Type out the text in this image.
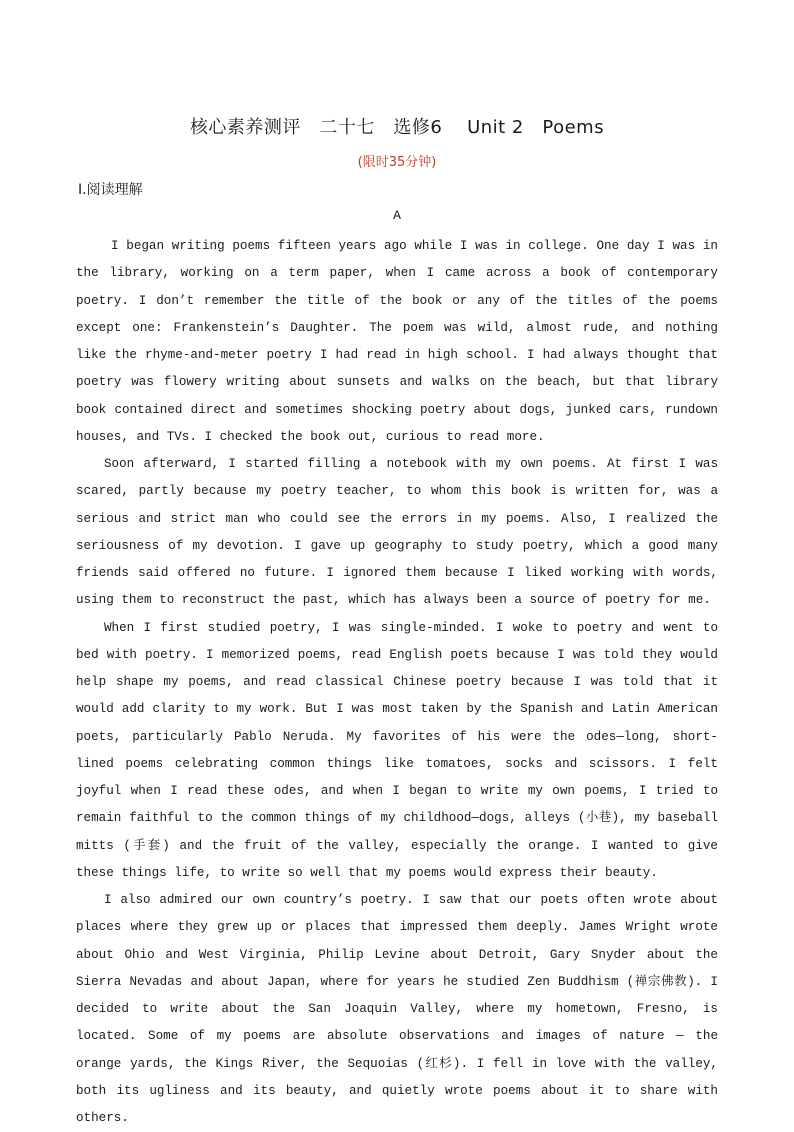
核心素养测评　二十七　选修6　 Unit 2　Poems
(限时35分钟)
Ⅰ.阅读理解
A

I began writing poems fifteen years ago while I was in college. One day I was in the library, working on a term paper, when I came across a book of contemporary poetry. I don’t remember the title of the book or any of the titles of the poems except one: Frankenstein’s Daughter. The poem was wild, almost rude, and nothing like the rhyme-and-meter poetry I had read in high school. I had always thought that poetry was flowery writing about sunsets and walks on the beach, but that library book contained direct and sometimes shocking poetry about dogs, junked cars, rundown houses, and TVs. I checked the book out, curious to read more.

Soon afterward, I started filling a notebook with my own poems. At first I was scared, partly because my poetry teacher, to whom this book is written for, was a serious and strict man who could see the errors in my poems. Also, I realized the seriousness of my devotion. I gave up geography to study poetry, which a good many friends said offered no future. I ignored them because I liked working with words, using them to reconstruct the past, which has always been a source of poetry for me.

When I first studied poetry, I was single-minded. I woke to poetry and went to bed with poetry. I memorized poems, read English poets because I was told they would help shape my poems, and read classical Chinese poetry because I was told that it would add clarity to my work. But I was most taken by the Spanish and Latin American poets, particularly Pablo Neruda. My favorites of his were the odes—long, short-lined poems celebrating common things like tomatoes, socks and scissors. I felt joyful when I read these odes, and when I began to write my own poems, I tried to remain faithful to the common things of my childhood—dogs, alleys (小巷), my baseball mitts (手套) and the fruit of the valley, especially the orange. I wanted to give these things life, to write so well that my poems would express their beauty.

I also admired our own country’s poetry. I saw that our poets often wrote about places where they grew up or places that impressed them deeply. James Wright wrote about Ohio and West Virginia, Philip Levine about Detroit, Gary Snyder about the Sierra Nevadas and about Japan, where for years he studied Zen Buddhism (禅宗佛教). I decided to write about the San Joaquin Valley, where my hometown, Fresno, is located. Some of my poems are absolute observations and images of nature — the orange yards, the Kings River, the Sequoias (红杉). I fell in love with the valley, both its ugliness and its beauty, and quietly wrote poems about it to share with others.
